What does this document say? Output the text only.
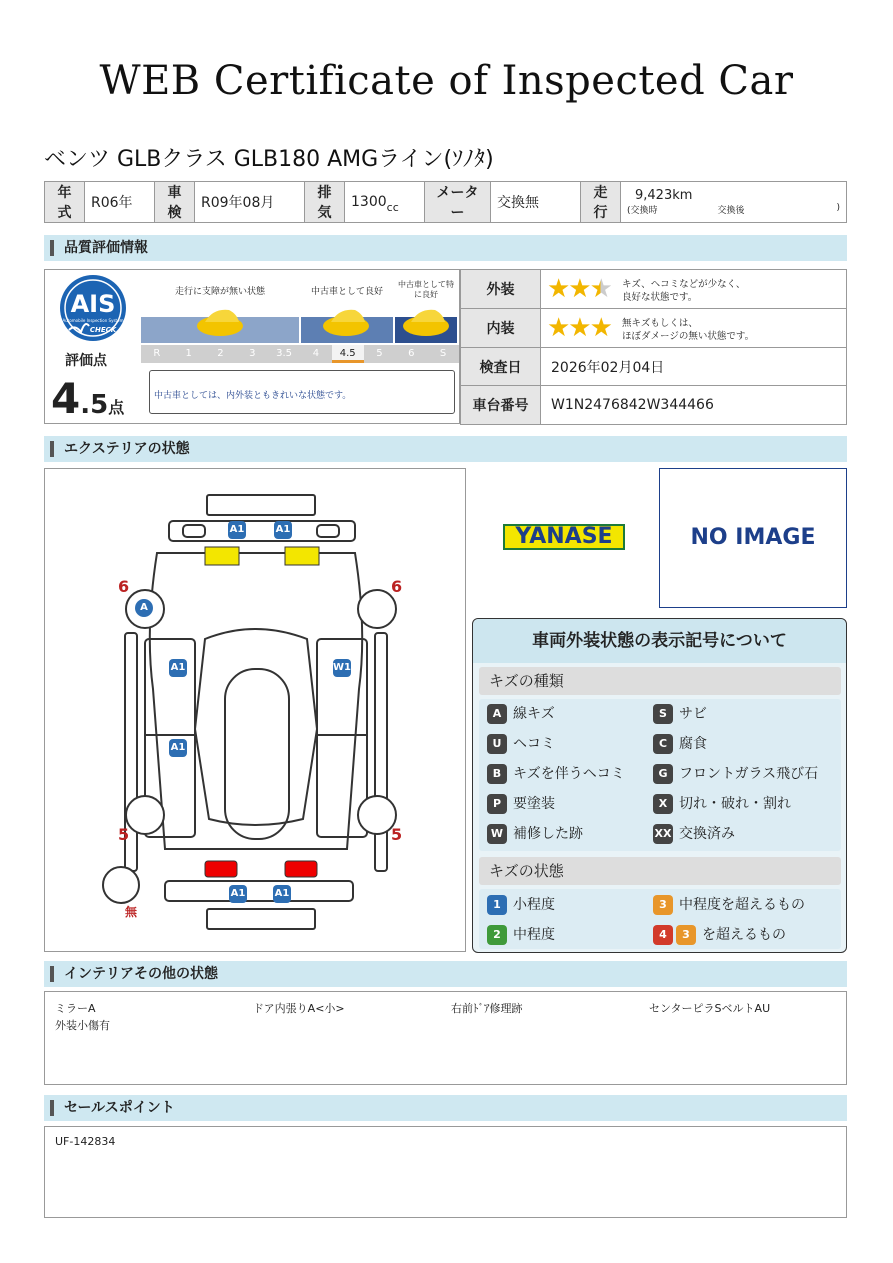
WEB Certificate of Inspected Car
ベンツ GLBクラス GLB180 AMGライン(ｿﾉﾀ)
年式	R06年	車検	R09年08月	排気	$1300_{cc}$	メーター	交換無	走行	
9,423km
(交換時	交換後	)
品質評価情報
AIS
Automobile Inspection System
CHECK
評価点
4.5点
走行に支障が無い状態	中古車として良好
中古車として特に良好
R	1	2	3	3.5	4	4.5	5	6	S
中古車としては、内外装ともきれいな状態です。
外装	★★★ キズ、ヘコミなどが少なく、
良好な状態です。
内装	★★★ 無キズもしくは、
ほぼダメージの無い状態です。
検査日	2026年02月04日
車台番号	W1N2476842W344466
エクステリアの状態
A1	A1
A
A1	W1
A1
A1	A1
6	6
5	5
無
YANASE	NO IMAGE
車両外装状態の表示記号について
キズの種類
A 線キズ	S サビ
U ヘコミ	C 腐食
B キズを伴うヘコミ	G フロントガラス飛び石
P 要塗装	X 切れ・破れ・割れ
W 補修した跡	XX 交換済み
キズの状態
1 小程度	3 中程度を超えるもの
2 中程度	4 3 を超えるもの
インテリアその他の状態
ミラーA	ドア内張りA<小>	右前ﾄﾞｱ修理跡	センターピラSベルトAU
外装小傷有
セールスポイント
UF-142834
